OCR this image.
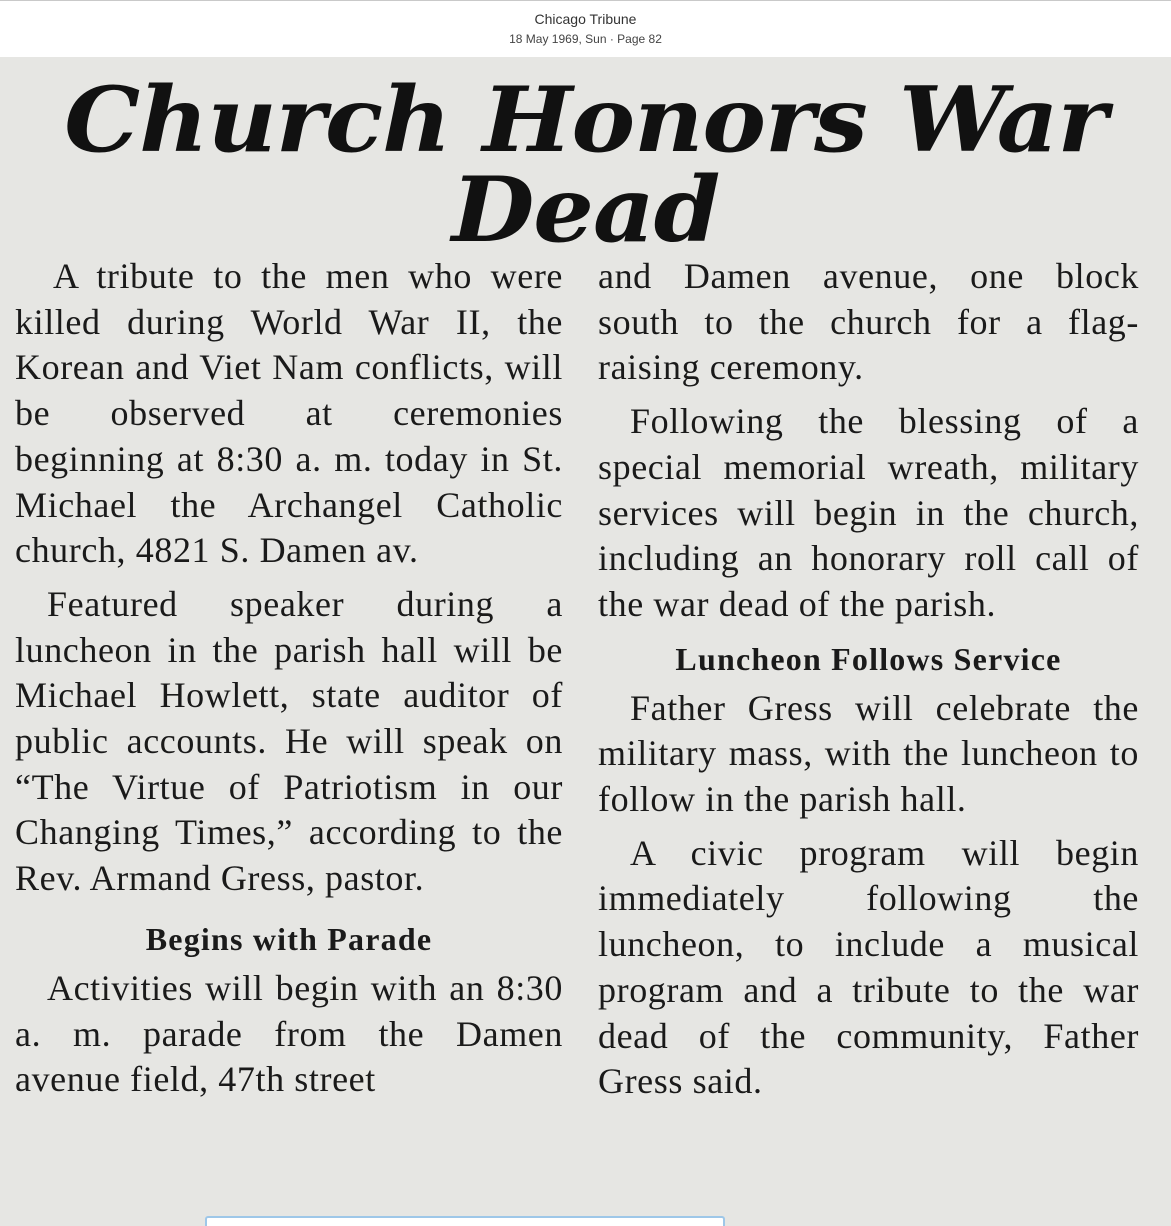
Chicago Tribune
18 May 1969, Sun · Page 82
Church Honors War Dead

A tribute to the men who were killed during World War II, the Korean and Viet Nam conflicts, will be observed at ceremonies beginning at 8:30 a. m. today in St. Michael the Archangel Catholic church, 4821 S. Damen av.

Featured speaker during a luncheon in the parish hall will be Michael Howlett, state auditor of public accounts. He will speak on “The Virtue of Patriotism in our Changing Times,” according to the Rev. Armand Gress, pastor.

Begins with Parade

Activities will begin with an 8:30 a. m. parade from the Damen avenue field, 47th street

and Damen avenue, one block south to the church for a flag-raising ceremony.

Following the blessing of a special memorial wreath, military services will begin in the church, including an honorary roll call of the war dead of the parish.

Luncheon Follows Service

Father Gress will celebrate the military mass, with the luncheon to follow in the parish hall.

A civic program will begin immediately following the luncheon, to include a musical program and a tribute to the war dead of the community, Father Gress said.
